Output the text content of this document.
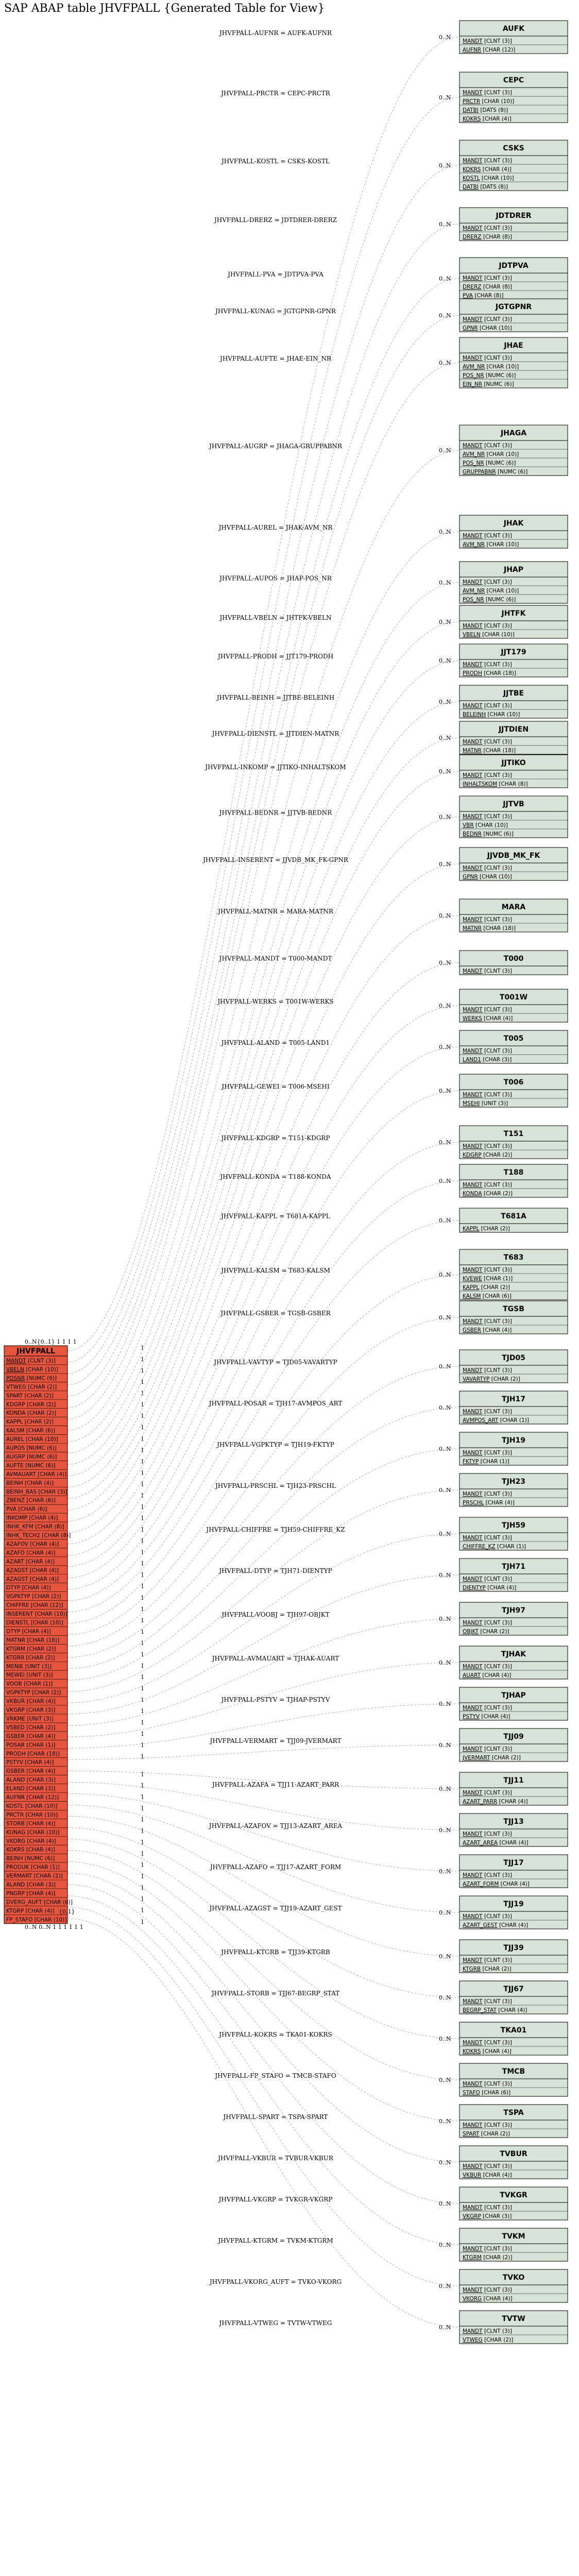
SAP ABAP table JHVFPALL {Generated Table for View}
JHVFPALL-AUFNR = AUFK-AUFNR
0..N
1
JHVFPALL-PRCTR = CEPC-PRCTR
0..N
1
JHVFPALL-KOSTL = CSKS-KOSTL
0..N
1
JHVFPALL-DRERZ = JDTDRER-DRERZ
0..N
1
JHVFPALL-PVA = JDTPVA-PVA
0..N
1
JHVFPALL-KUNAG = JGTGPNR-GPNR
0..N
1
JHVFPALL-AUFTE = JHAE-EIN_NR
0..N
1
JHVFPALL-AUGRP = JHAGA-GRUPPABNR
0..N
1
JHVFPALL-AUREL = JHAK-AVM_NR
0..N
1
JHVFPALL-AUPOS = JHAP-POS_NR
0..N
1
JHVFPALL-VBELN = JHTFK-VBELN
0..N
1
JHVFPALL-PRODH = JJT179-PRODH
0..N
1
JHVFPALL-BEINH = JJTBE-BELEINH
0..N
1
JHVFPALL-DIENSTL = JJTDIEN-MATNR
0..N
1
JHVFPALL-INKOMP = JJTIKO-INHALTSKOM
0..N
1
JHVFPALL-BEDNR = JJTVB-BEDNR
0..N
1
JHVFPALL-INSERENT = JJVDB_MK_FK-GPNR
0..N
1
JHVFPALL-MATNR = MARA-MATNR
0..N
1
JHVFPALL-MANDT = T000-MANDT
0..N
1
JHVFPALL-WERKS = T001W-WERKS
0..N
1
JHVFPALL-ALAND = T005-LAND1
0..N
1
JHVFPALL-GEWEI = T006-MSEHI
0..N
1
JHVFPALL-KDGRP = T151-KDGRP
0..N
1
JHVFPALL-KONDA = T188-KONDA
0..N
1
JHVFPALL-KAPPL = T681A-KAPPL
0..N
1
JHVFPALL-KALSM = T683-KALSM
0..N
1
JHVFPALL-GSBER = TGSB-GSBER
0..N
1
JHVFPALL-VAVTYP = TJD05-VAVARTYP
0..N
1
JHVFPALL-POSAR = TJH17-AVMPOS_ART
0..N
1
JHVFPALL-VGPKTYP = TJH19-FKTYP
0..N
1
JHVFPALL-PRSCHL = TJH23-PRSCHL
0..N
1
JHVFPALL-CHIFFRE = TJH59-CHIFFRE_KZ
0..N
1
JHVFPALL-DTYP = TJH71-DIENTYP
0..N
1
JHVFPALL-VOOBJ = TJH97-OBJKT
0..N
1
JHVFPALL-AVMAUART = TJHAK-AUART
0..N
1
JHVFPALL-PSTYV = TJHAP-PSTYV
0..N
1
JHVFPALL-VERMART = TJJ09-JVERMART
0..N
1
JHVFPALL-AZAFA = TJJ11-AZART_PARR
0..N
1
JHVFPALL-AZAFOV = TJJ13-AZART_AREA
0..N
1
JHVFPALL-AZAFO = TJJ17-AZART_FORM
0..N
1
JHVFPALL-AZAGST = TJJ19-AZART_GEST
0..N
1
JHVFPALL-KTGRB = TJJ39-KTGRB
0..N
1
JHVFPALL-STORB = TJJ67-BEGRP_STAT
0..N
1
JHVFPALL-KOKRS = TKA01-KOKRS
0..N
1
JHVFPALL-FP_STAFO = TMCB-STAFO
0..N
1
JHVFPALL-SPART = TSPA-SPART
0..N
1
JHVFPALL-VKBUR = TVBUR-VKBUR
0..N
1
JHVFPALL-VKGRP = TVKGR-VKGRP
0..N
1
JHVFPALL-KTGRM = TVKM-KTGRM
0..N
1
JHVFPALL-VKORG_AUFT = TVKO-VKORG
0..N
1
JHVFPALL-VTWEG = TVTW-VTWEG
0..N
1
AUFK
MANDT [CLNT (3)]
AUFNR [CHAR (12)]
CEPC
MANDT [CLNT (3)]
PRCTR [CHAR (10)]
DATBI [DATS (8)]
KOKRS [CHAR (4)]
CSKS
MANDT [CLNT (3)]
KOKRS [CHAR (4)]
KOSTL [CHAR (10)]
DATBI [DATS (8)]
JDTDRER
MANDT [CLNT (3)]
DRERZ [CHAR (8)]
JDTPVA
MANDT [CLNT (3)]
DRERZ [CHAR (8)]
PVA [CHAR (8)]
JGTGPNR
MANDT [CLNT (3)]
GPNR [CHAR (10)]
JHAE
MANDT [CLNT (3)]
AVM_NR [CHAR (10)]
POS_NR [NUMC (6)]
EIN_NR [NUMC (6)]
JHAGA
MANDT [CLNT (3)]
AVM_NR [CHAR (10)]
POS_NR [NUMC (6)]
GRUPPABNR [NUMC (6)]
JHAK
MANDT [CLNT (3)]
AVM_NR [CHAR (10)]
JHAP
MANDT [CLNT (3)]
AVM_NR [CHAR (10)]
POS_NR [NUMC (6)]
JHTFK
MANDT [CLNT (3)]
VBELN [CHAR (10)]
JJT179
MANDT [CLNT (3)]
PRODH [CHAR (18)]
JJTBE
MANDT [CLNT (3)]
BELEINH [CHAR (10)]
JJTDIEN
MANDT [CLNT (3)]
MATNR [CHAR (18)]
JJTIKO
MANDT [CLNT (3)]
INHALTSKOM [CHAR (8)]
JJTVB
MANDT [CLNT (3)]
VBR [CHAR (10)]
BEDNR [NUMC (6)]
JJVDB_MK_FK
MANDT [CLNT (3)]
GPNR [CHAR (10)]
MARA
MANDT [CLNT (3)]
MATNR [CHAR (18)]
T000
MANDT [CLNT (3)]
T001W
MANDT [CLNT (3)]
WERKS [CHAR (4)]
T005
MANDT [CLNT (3)]
LAND1 [CHAR (3)]
T006
MANDT [CLNT (3)]
MSEHI [UNIT (3)]
T151
MANDT [CLNT (3)]
KDGRP [CHAR (2)]
T188
MANDT [CLNT (3)]
KONDA [CHAR (2)]
T681A
KAPPL [CHAR (2)]
T683
MANDT [CLNT (3)]
KVEWE [CHAR (1)]
KAPPL [CHAR (2)]
KALSM [CHAR (6)]
TGSB
MANDT [CLNT (3)]
GSBER [CHAR (4)]
TJD05
MANDT [CLNT (3)]
VAVARTYP [CHAR (2)]
TJH17
MANDT [CLNT (3)]
AVMPOS_ART [CHAR (1)]
TJH19
MANDT [CLNT (3)]
FKTYP [CHAR (1)]
TJH23
MANDT [CLNT (3)]
PRSCHL [CHAR (4)]
TJH59
MANDT [CLNT (3)]
CHIFFRE_KZ [CHAR (1)]
TJH71
MANDT [CLNT (3)]
DIENTYP [CHAR (4)]
TJH97
MANDT [CLNT (3)]
OBJKT [CHAR (2)]
TJHAK
MANDT [CLNT (3)]
AUART [CHAR (4)]
TJHAP
MANDT [CLNT (3)]
PSTYV [CHAR (4)]
TJJ09
MANDT [CLNT (3)]
JVERMART [CHAR (2)]
TJJ11
MANDT [CLNT (3)]
AZART_PARR [CHAR (4)]
TJJ13
MANDT [CLNT (3)]
AZART_AREA [CHAR (4)]
TJJ17
MANDT [CLNT (3)]
AZART_FORM [CHAR (4)]
TJJ19
MANDT [CLNT (3)]
AZART_GEST [CHAR (4)]
TJJ39
MANDT [CLNT (3)]
KTGRB [CHAR (2)]
TJJ67
MANDT [CLNT (3)]
BEGRP_STAT [CHAR (4)]
TKA01
MANDT [CLNT (3)]
KOKRS [CHAR (4)]
TMCB
MANDT [CLNT (3)]
STAFO [CHAR (6)]
TSPA
MANDT [CLNT (3)]
SPART [CHAR (2)]
TVBUR
MANDT [CLNT (3)]
VKBUR [CHAR (4)]
TVKGR
MANDT [CLNT (3)]
VKGRP [CHAR (3)]
TVKM
MANDT [CLNT (3)]
KTGRM [CHAR (2)]
TVKO
MANDT [CLNT (3)]
VKORG [CHAR (4)]
TVTW
MANDT [CLNT (3)]
VTWEG [CHAR (2)]
JHVFPALL
MANDT [CLNT (3)]
VBELN [CHAR (10)]
POSNR [NUMC (6)]
VTWEG [CHAR (2)]
SPART [CHAR (2)]
KDGRP [CHAR (2)]
KONDA [CHAR (2)]
KAPPL [CHAR (2)]
KALSM [CHAR (6)]
AUREL [CHAR (10)]
AUPOS [NUMC (6)]
AUGRP [NUMC (6)]
AUFTE [NUMC (6)]
AVMAUART [CHAR (4)]
BEINH [CHAR (4)]
BEINH_BAS [CHAR (3)]
ZBENZ [CHAR (6)]
PVA [CHAR (6)]
INKOMP [CHAR (4)]
INHK_KFM [CHAR (8)]
INHK_TECH2 [CHAR (8)]
AZAFOV [CHAR (4)]
AZAFO [CHAR (4)]
AZART [CHAR (4)]
AZAGST [CHAR (4)]
AZAGST [CHAR (4)]
DTYP [CHAR (4)]
VGPKTYP [CHAR (2)]
CHIFFRE [CHAR (12)]
INSERENT [CHAR (10)]
DIENSTL [CHAR (10)]
DTYP [CHAR (4)]
MATNR [CHAR (18)]
KTGRM [CHAR (2)]
KTGRR [CHAR (2)]
MENIE [UNIT (3)]
MEWEI [UNIT (3)]
VOOB [CHAR (1)]
VGPKTYP [CHAR (2)]
VKBUR [CHAR (4)]
VKGRP [CHAR (3)]
VRKME [UNIT (3)]
VSBED [CHAR (2)]
GSBER [CHAR (4)]
POSAR [CHAR (1)]
PRODH [CHAR (18)]
PSTYV [CHAR (4)]
GSBER [CHAR (4)]
ALAND [CHAR (3)]
ELAND [CHAR (3)]
AUFNR [CHAR (12)]
KOSTL [CHAR (10)]
PRCTR [CHAR (10)]
STORB [CHAR (4)]
KUNAG [CHAR (10)]
VKORG [CHAR (4)]
KOKRS [CHAR (4)]
BEINH [NUMC (6)]
PRODUK [CHAR (1)]
VERMART [CHAR (2)]
ALAND [CHAR (3)]
PNGRP [CHAR (4)]
DVERG_AUFT [CHAR (6)]
KTGRP [CHAR (4)]
FP_STAFO [CHAR (10)]
0..N{0..1} 1 1 1 1
{0,1}
0..N 0..N 1 1 1 1 1 1
